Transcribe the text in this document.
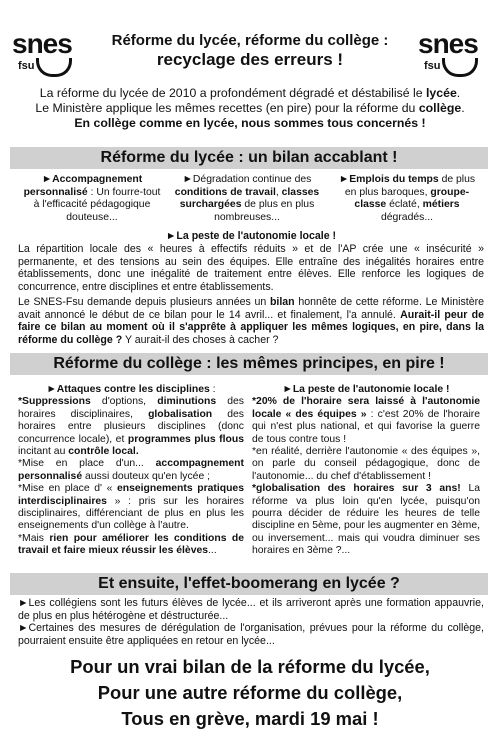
snes
fsu
snes
fsu
Réforme du lycée, réforme du collège :
recyclage des erreurs !
La réforme du lycée de 2010 a profondément dégradé et déstabilisé le lycée.
Le Ministère applique les mêmes recettes (en pire) pour la réforme du collège.
En collège comme en lycée, nous sommes tous concernés !
Réforme du lycée : un bilan accablant !
►Accompagnement personnalisé : Un fourre-tout à l'efficacité pédagogique douteuse...
►Dégradation continue des conditions de travail, classes surchargées de plus en plus nombreuses...
►Emplois du temps de plus en plus baroques, groupe-classe éclaté, métiers dégradés...
►La peste de l'autonomie locale !
La répartition locale des « heures à effectifs réduits » et de l'AP crée une « insécurité » permanente, et des tensions au sein des équipes. Elle entraîne des inégalités horaires entre établissements, donc une inégalité de traitement entre élèves. Elle renforce les logiques de concurrence, entre disciplines et entre établissements.
Le SNES-Fsu demande depuis plusieurs années un bilan honnête de cette réforme. Le Ministère avait annoncé le début de ce bilan pour le 14 avril... et finalement, l'a annulé. Aurait-il peur de faire ce bilan au moment où il s'apprête à appliquer les mêmes logiques, en pire, dans la réforme du collège ? Y aurait-il des choses à cacher ?
Réforme du collège : les mêmes principes, en pire !
►Attaques contre les disciplines :
*Suppressions d'options, diminutions des horaires disciplinaires, globalisation des horaires entre plusieurs disciplines (donc concurrence locale), et programmes plus flous incitant au contrôle local.
*Mise en place d'un... accompagnement personnalisé aussi douteux qu'en lycée ;
*Mise en place d' « enseignements pratiques interdisciplinaires » : pris sur les horaires disciplinaires, différenciant de plus en plus les enseignements d'un collège à l'autre.
*Mais rien pour améliorer les conditions de travail et faire mieux réussir les élèves...
►La peste de l'autonomie locale !
*20% de l'horaire sera laissé à l'autonomie locale « des équipes » : c'est 20% de l'horaire qui n'est plus national, et qui favorise la guerre de tous contre tous !
*en réalité, derrière l'autonomie « des équipes », on parle du conseil pédagogique, donc de l'autonomie... du chef d'établissement !
*globalisation des horaires sur 3 ans! La réforme va plus loin qu'en lycée, puisqu'on pourra décider de réduire les heures de telle discipline en 5ème, pour les augmenter en 3ème, ou inversement... mais qui voudra diminuer ses horaires en 3ème ?...
Et ensuite, l'effet-boomerang en lycée ?
►Les collégiens sont les futurs élèves de lycée... et ils arriveront après une formation appauvrie, de plus en plus hétérogène et déstructurée...
►Certaines des mesures de dérégulation de l'organisation, prévues pour la réforme du collège, pourraient ensuite être appliquées en retour en lycée...
Pour un vrai bilan de la réforme du lycée,
Pour une autre réforme du collège,
Tous en grève, mardi 19 mai !
